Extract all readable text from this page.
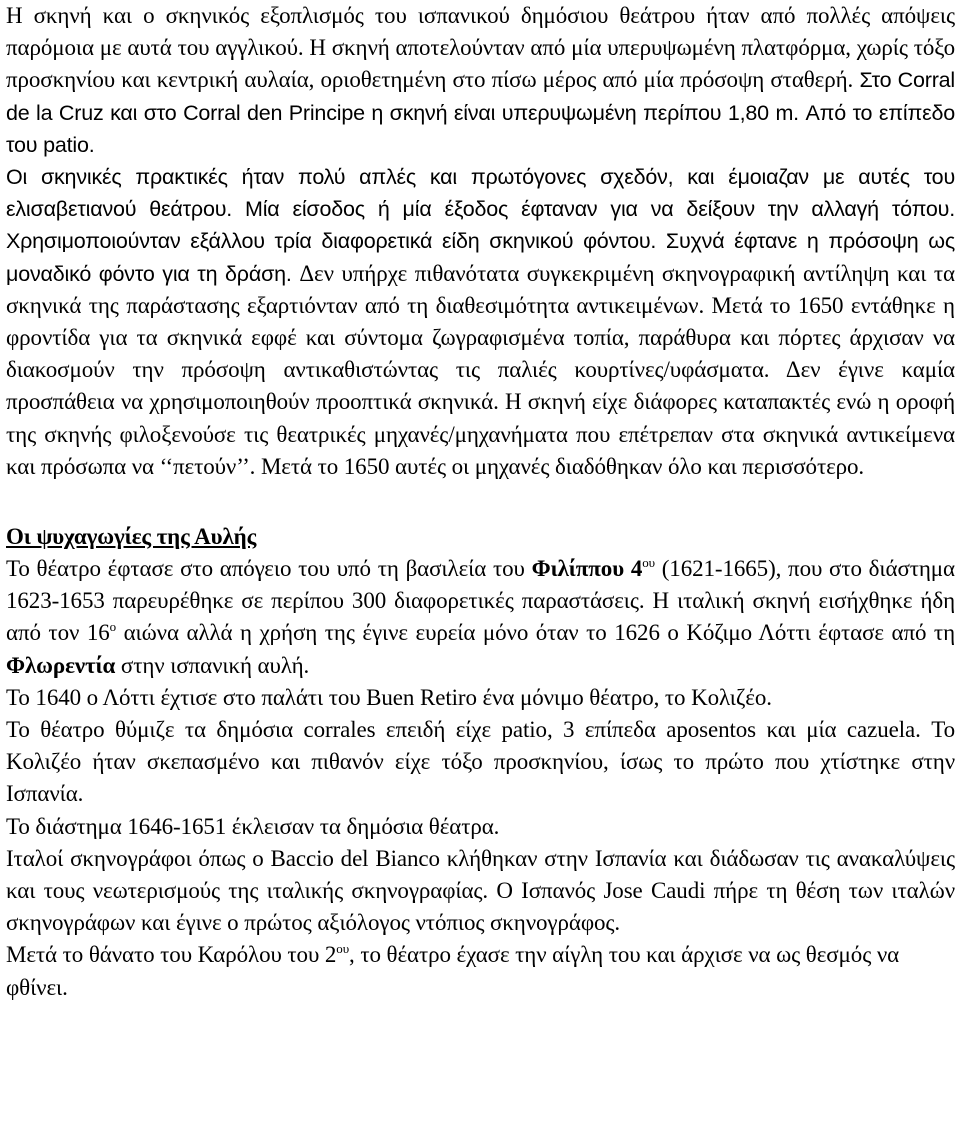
Η σκηνή και ο σκηνικός εξοπλισμός του ισπανικού δημόσιου θεάτρου ήταν από πολλές απόψεις παρόμοια με αυτά του αγγλικού. Η σκηνή αποτελούνταν από μία υπερυψωμένη πλατφόρμα, χωρίς τόξο προσκηνίου και κεντρική αυλαία, οριοθετημένη στο πίσω μέρος από μία πρόσοψη σταθερή. Στο Corral de la Cruz και στο Corral den Principe η σκηνή είναι υπερυψωμένη περίπου 1,80 m. Από το επίπεδο του patio.

Οι σκηνικές πρακτικές ήταν πολύ απλές και πρωτόγονες σχεδόν, και έμοιαζαν με αυτές του ελισαβετιανού θεάτρου. Μία είσοδος ή μία έξοδος έφταναν για να δείξουν την αλλαγή τόπου. Χρησιμοποιούνταν εξάλλου τρία διαφορετικά είδη σκηνικού φόντου. Συχνά έφτανε η πρόσοψη ως μοναδικό φόντο για τη δράση. Δεν υπήρχε πιθανότατα συγκεκριμένη σκηνογραφική αντίληψη και τα σκηνικά της παράστασης εξαρτιόνταν από τη διαθεσιμότητα αντικειμένων. Μετά το 1650 εντάθηκε η φροντίδα για τα σκηνικά εφφέ και σύντομα ζωγραφισμένα τοπία, παράθυρα και πόρτες άρχισαν να διακοσμούν την πρόσοψη αντικαθιστώντας τις παλιές κουρτίνες/υφάσματα. Δεν έγινε καμία προσπάθεια να χρησιμοποιηθούν προοπτικά σκηνικά. Η σκηνή είχε διάφορες καταπακτές ενώ η οροφή της σκηνής φιλοξενούσε τις θεατρικές μηχανές/μηχανήματα που επέτρεπαν στα σκηνικά αντικείμενα και πρόσωπα να ‘‘πετούν’’. Μετά το 1650 αυτές οι μηχανές διαδόθηκαν όλο και περισσότερο.

Οι ψυχαγωγίες της Αυλής

Το θέατρο έφτασε στο απόγειο του υπό τη βασιλεία του Φιλίππου $4^{o\upsilon}$ (1621-1665), που στο διάστημα 1623-1653 παρευρέθηκε σε περίπου 300 διαφορετικές παραστάσεις. Η ιταλική σκηνή εισήχθηκε ήδη από τον $16^o$ αιώνα αλλά η χρήση της έγινε ευρεία μόνο όταν το 1626 ο Κόζιμο Λόττι έφτασε από τη Φλωρεντία στην ισπανική αυλή.

Το 1640 ο Λόττι έχτισε στο παλάτι του Buen Retiro ένα μόνιμο θέατρο, το Κολιζέο.

Το θέατρο θύμιζε τα δημόσια corrales επειδή είχε patio, 3 επίπεδα aposentos και μία cazuela. Το Κολιζέο ήταν σκεπασμένο και πιθανόν είχε τόξο προσκηνίου, ίσως το πρώτο που χτίστηκε στην Ισπανία.

Το διάστημα 1646-1651 έκλεισαν τα δημόσια θέατρα.

Ιταλοί σκηνογράφοι όπως ο Baccio del Bianco κλήθηκαν στην Ισπανία και διάδωσαν τις ανακαλύψεις και τους νεωτερισμούς της ιταλικής σκηνογραφίας. Ο Ισπανός Jose Caudi πήρε τη θέση των ιταλών σκηνογράφων και έγινε ο πρώτος αξιόλογος ντόπιος σκηνογράφος.

Μετά το θάνατο του Καρόλου του $2^{o\upsilon}$, το θέατρο έχασε την αίγλη του και άρχισε να ως θεσμός να φθίνει.
